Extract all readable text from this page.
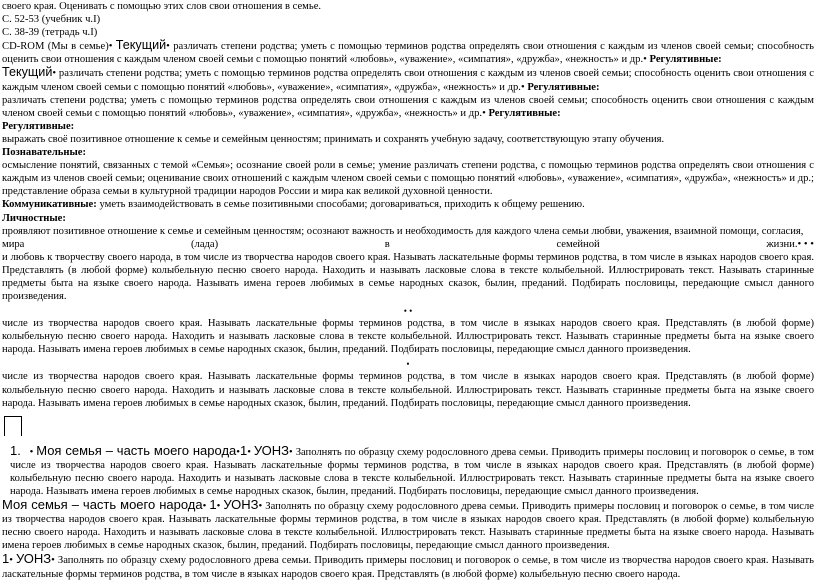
своего края. Оценивать с помощью этих слов свои отношения в семье.

С. 52-53 (учебник ч.I)

С. 38-39 (тетрадь ч.I)

CD-ROM (Мы в семье)• Текущий• различать степени родства; уметь с помощью терминов родства определять свои отношения с каждым из членов своей семьи; способность оценить свои отношения с каждым членом своей семьи с помощью понятий «любовь», «уважение», «симпатия», «дружба», «нежность» и др.• Регулятивные:

Текущий• различать степени родства; уметь с помощью терминов родства определять свои отношения с каждым из членов своей семьи; способность оценить свои отношения с каждым членом своей семьи с помощью понятий «любовь», «уважение», «симпатия», «дружба», «нежность» и др.• Регулятивные:

различать степени родства; уметь с помощью терминов родства определять свои отношения с каждым из членов своей семьи; способность оценить свои отношения с каждым членом своей семьи с помощью понятий «любовь», «уважение», «симпатия», «дружба», «нежность» и др.• Регулятивные:

Регулятивные:

выражать своё позитивное отношение к семье и семейным ценностям; принимать и сохранять учебную задачу, соответствующую этапу обучения.

Познавательные:

осмысление понятий, связанных с темой «Семья»; осознание своей роли в семье; умение различать степени родства, с помощью терминов родства определять свои отношения с каждым из членов своей семьи; оценивание своих отношений с каждым членом своей семьи с помощью понятий «любовь», «уважение», «симпатия», «дружба», «нежность» и др.; представление образа семьи в культурной традиции народов России и мира как великой духовной ценности.

Коммуникативные: уметь взаимодействовать в семье позитивными способами; договариваться, приходить к общему решению.

Личностные:

проявляют позитивное отношение к семье и семейным ценностям; осознают важность и необходимость для каждого члена семьи любви, уважения, взаимной помощи, согласия,

мира	(лада)	в	семейной	жизни.• • •

и любовь к творчеству своего народа, в том числе из творчества народов своего края. Называть ласкательные формы терминов родства, в том числе в языках народов своего края. Представлять (в любой форме) колыбельную песню своего народа. Находить и называть ласковые слова в тексте колыбельной. Иллюстрировать текст. Называть старинные предметы быта на языке своего народа. Называть имена героев любимых в семье народных сказок, былин, преданий. Подбирать пословицы, передающие смысл данного произведения.

• •

числе из творчества народов своего края. Называть ласкательные формы терминов родства, в том числе в языках народов своего края. Представлять (в любой форме) колыбельную песню своего народа. Находить и называть ласковые слова в тексте колыбельной. Иллюстрировать текст. Называть старинные предметы быта на языке своего народа. Называть имена героев любимых в семье народных сказок, былин, преданий. Подбирать пословицы, передающие смысл данного произведения.

•

числе из творчества народов своего края. Называть ласкательные формы терминов родства, в том числе в языках народов своего края. Представлять (в любой форме) колыбельную песню своего народа. Находить и называть ласковые слова в тексте колыбельной. Иллюстрировать текст. Называть старинные предметы быта на языке своего народа. Называть имена героев любимых в семье народных сказок, былин, преданий. Подбирать пословицы, передающие смысл данного произведения.

1. • Моя семья – часть моего народа•1• УОНЗ• Заполнять по образцу схему родословного древа семьи. Приводить примеры пословиц и поговорок о семье, в том числе из творчества народов своего края. Называть ласкательные формы терминов родства, в том числе в языках народов своего края. Представлять (в любой форме) колыбельную песню своего народа. Находить и называть ласковые слова в тексте колыбельной. Иллюстрировать текст. Называть старинные предметы быта на языке своего народа. Называть имена героев любимых в семье народных сказок, былин, преданий. Подбирать пословицы, передающие смысл данного произведения.

Моя семья – часть моего народа• 1• УОНЗ• Заполнять по образцу схему родословного древа семьи. Приводить примеры пословиц и поговорок о семье, в том числе из творчества народов своего края. Называть ласкательные формы терминов родства, в том числе в языках народов своего края. Представлять (в любой форме) колыбельную песню своего народа. Находить и называть ласковые слова в тексте колыбельной. Иллюстрировать текст. Называть старинные предметы быта на языке своего народа. Называть имена героев любимых в семье народных сказок, былин, преданий. Подбирать пословицы, передающие смысл данного произведения.

1• УОНЗ• Заполнять по образцу схему родословного древа семьи. Приводить примеры пословиц и поговорок о семье, в том числе из творчества народов своего края. Называть ласкательные формы терминов родства, в том числе в языках народов своего края. Представлять (в любой форме) колыбельную песню своего народа.
